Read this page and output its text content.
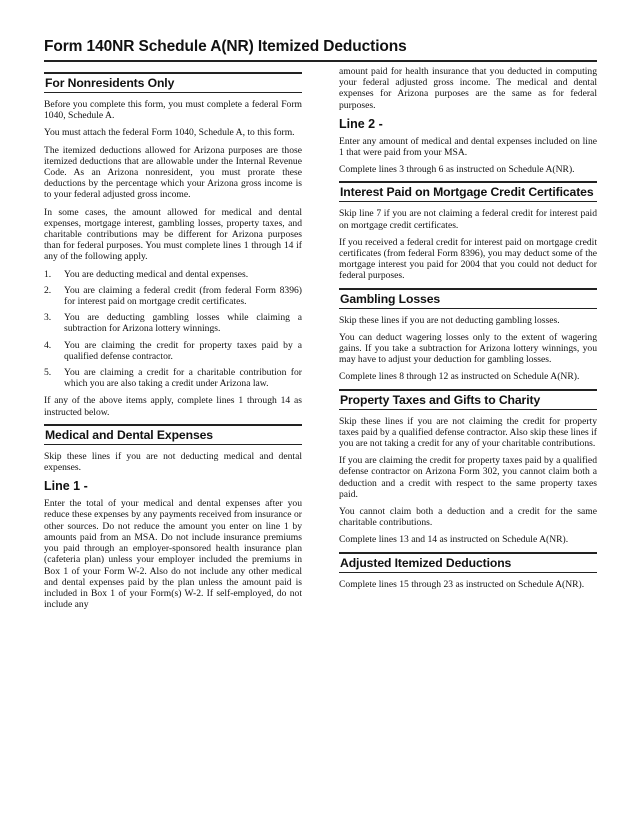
Form 140NR Schedule A(NR) Itemized Deductions
For Nonresidents Only

Before you complete this form, you must complete a federal Form 1040, Schedule A.

You must attach the federal Form 1040, Schedule A, to this form.

The itemized deductions allowed for Arizona purposes are those itemized deductions that are allowable under the Internal Revenue Code. As an Arizona nonresident, you must prorate these deductions by the percentage which your Arizona gross income is to your federal adjusted gross income.

In some cases, the amount allowed for medical and dental expenses, mortgage interest, gambling losses, property taxes, and charitable contributions may be different for Arizona purposes than for federal purposes. You must complete lines 1 through 14 if any of the following apply.

1.	You are deducting medical and dental expenses.
2.	You are claiming a federal credit (from federal Form 8396) for interest paid on mortgage credit certificates.
3.	You are deducting gambling losses while claiming a subtraction for Arizona lottery winnings.
4.	You are claiming the credit for property taxes paid by a qualified defense contractor.
5.	You are claiming a credit for a charitable contribution for which you are also taking a credit under Arizona law.

If any of the above items apply, complete lines 1 through 14 as instructed below.

Medical and Dental Expenses

Skip these lines if you are not deducting medical and dental expenses.

Line 1 -

Enter the total of your medical and dental expenses after you reduce these expenses by any payments received from insurance or other sources. Do not reduce the amount you enter on line 1 by amounts paid from an MSA. Do not include insurance premiums you paid through an employer-sponsored health insurance plan (cafeteria plan) unless your employer included the premiums in Box 1 of your Form W-2. Also do not include any other medical and dental expenses paid by the plan unless the amount paid is included in Box 1 of your Form(s) W-2. If self-employed, do not include any

amount paid for health insurance that you deducted in computing your federal adjusted gross income. The medical and dental expenses for Arizona purposes are the same as for federal purposes.

Line 2 -

Enter any amount of medical and dental expenses included on line 1 that were paid from your MSA.

Complete lines 3 through 6 as instructed on Schedule A(NR).

Interest Paid on Mortgage Credit Certificates

Skip line 7 if you are not claiming a federal credit for interest paid on mortgage credit certificates.

If you received a federal credit for interest paid on mortgage credit certificates (from federal Form 8396), you may deduct some of the mortgage interest you paid for 2004 that you could not deduct for federal purposes.

Gambling Losses

Skip these lines if you are not deducting gambling losses.

You can deduct wagering losses only to the extent of wagering gains. If you take a subtraction for Arizona lottery winnings, you may have to adjust your deduction for gambling losses.

Complete lines 8 through 12 as instructed on Schedule A(NR).

Property Taxes and Gifts to Charity

Skip these lines if you are not claiming the credit for property taxes paid by a qualified defense contractor. Also skip these lines if you are not taking a credit for any of your charitable contributions.

If you are claiming the credit for property taxes paid by a qualified defense contractor on Arizona Form 302, you cannot claim both a deduction and a credit with respect to the same property taxes paid.

You cannot claim both a deduction and a credit for the same charitable contributions.

Complete lines 13 and 14 as instructed on Schedule A(NR).

Adjusted Itemized Deductions

Complete lines 15 through 23 as instructed on Schedule A(NR).
